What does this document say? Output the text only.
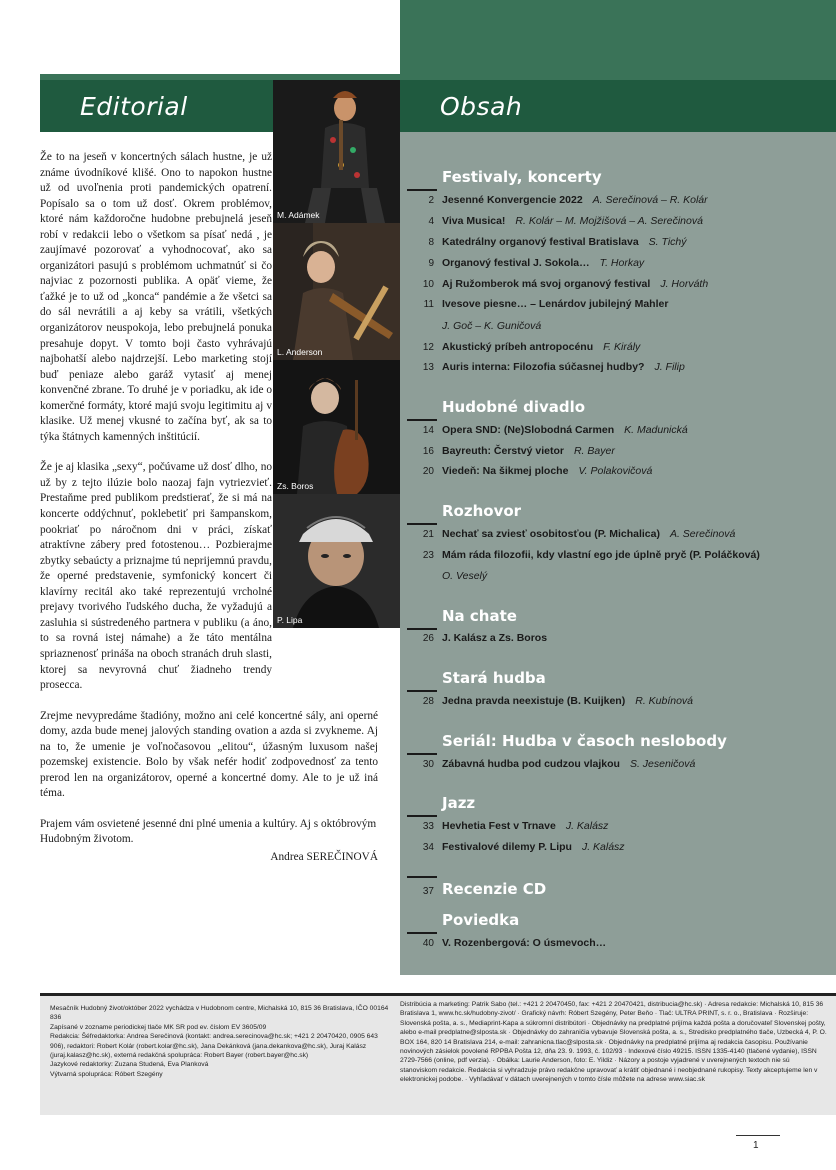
Editorial	Obsah
M. Adámek
L. Anderson
Zs. Boros
P. Lipa

Že to na jeseň v koncertných sálach hustne, je už známe úvodníkové klišé. Ono to napokon hustne už od uvoľnenia proti pandemických opatrení. Popísalo sa o tom už dosť. Okrem problémov, ktoré nám každoročne hudobne prebujnelá jeseň robí v redakcii lebo o všetkom sa písať nedá , je zaujímavé pozorovať a vyhodnocovať, ako sa organizátori pasujú s problémom uchmatnúť si čo najviac z pozornosti publika. A opäť vieme, že ťažké je to už od „konca“ pandémie a že všetci sa do sál nevrátili a aj keby sa vrátili, všetkých organizátorov neuspokoja, lebo prebujnelá ponuka presahuje dopyt. V tomto boji často vyhrávajú najbohatší alebo najdrzejší. Lebo marketing stojí buď peniaze alebo garáž vytasiť aj menej konvenčné zbrane. To druhé je v poriadku, ak ide o komerčné formáty, ktoré majú svoju legitimitu aj v klasike. Už menej vkusné to začína byť, ak sa to týka štátnych kamenných inštitúcií.

Že je aj klasika „sexy“, počúvame už dosť dlho, no už by z tejto ilúzie bolo naozaj fajn vytriezvieť. Prestaňme pred publikom predstierať, že si má na koncerte oddýchnuť, poklebetiť pri šampanskom, pookriať po náročnom dni v práci, získať atraktívne zábery pred fotostenou… Pozbierajme zbytky sebaúcty a priznajme tú neprijemnú pravdu, že operné predstavenie, symfonický koncert či klavírny recitál ako také reprezentujú vrcholné prejavy tvorivého ľudského ducha, že vyžadujú a zasluhia si sústredeného partnera v publiku (a áno, to sa rovná istej námahe) a že táto mentálna spriaznenosť prináša na oboch stranách druh slasti, ktorej sa nevyrovná chuť žiadneho trendy prosecca.

Zrejme nevypredáme štadióny, možno ani celé koncertné sály, ani operné domy, azda bude menej jalových standing ovation a azda si zvykneme. Aj na to, že umenie je voľnočasovou „elitou“, úžasným luxusom našej pozemskej existencie. Bolo by však nefér hodiť zodpovednosť za tento prerod len na organizátorov, operné a koncertné domy. Ale to je už iná téma.

Prajem vám osvietené jesenné dni plné umenia a kultúry. Aj s októbrovým Hudobným životom.

Andrea SEREČINOVÁ

Festivaly, koncerty
J. Goč – K. Guničová
Hudobné divadlo
Rozhovor
O. Veselý
Na chate
Stará hudba
Seriál: Hudba v časoch neslobody
Jazz
37 Recenzie CD
Poviedka

Mesačník Hudobný život/október 2022 vychádza v Hudobnom centre, Michalská 10, 815 36 Bratislava, IČO 00164 836

Zapísané v zozname periodickej tlače MK SR pod ev. číslom EV 3605/09

Redakcia: Šéfredaktorka: Andrea Serečinová (kontakt: andrea.serecinova@hc.sk; +421 2 20470420, 0905 643 906), redaktori: Robert Kolár (robert.kolar@hc.sk), Jana Dekánková (jana.dekankova@hc.sk), Juraj Kalász (juraj.kalasz@hc.sk), externá redakčná spolupráca: Robert Bayer (robert.bayer@hc.sk)

Jazykové redaktorky: Zuzana Studená, Eva Planková

Výtvarná spolupráca: Róbert Szegény

Distribúcia a marketing: Patrik Sabo (tel.: +421 2 20470450, fax: +421 2 20470421, distribucia@hc.sk) · Adresa redakcie: Michalská 10, 815 36 Bratislava 1, www.hc.sk/hudobny-zivot/ · Grafický návrh: Róbert Szegény, Peter Beňo · Tlač: ULTRA PRINT, s. r. o., Bratislava · Rozširuje: Slovenská pošta, a. s., Mediaprint-Kapa a súkromní distribútori · Objednávky na predplatné prijíma každá pošta a doručovateľ Slovenskej pošty, alebo e-mail predplatne@slposta.sk · Objednávky do zahraničia vybavuje Slovenská pošta, a. s., Stredisko predplatného tlače, Uzbecká 4, P. O. BOX 164, 820 14 Bratislava 214, e-mail: zahranicna.tlac@slposta.sk · Objednávky na predplatné prijíma aj redakcia časopisu. Používanie novinových zásielok povolené RPPBA Pošta 12, dňa 23. 9. 1993, č. 102/93 · Indexové číslo 49215. ISSN 1335-4140 (tlačené vydanie), ISSN 2729-7566 (online, pdf verzia). · Obálka: Laurie Anderson, foto: E. Yildiz · Názory a postoje vyjadrené v uverejnených textoch nie sú stanoviskom redakcie. Redakcia si vyhradzuje právo redakčne upravovať a krátiť objednané i neobjednané rukopisy. Texty akceptujeme len v elektronickej podobe. · Vyhľadávať v dátach uverejnených v tomto čísle môžete na adrese www.siac.sk

1
2 Jesenné Konvergencie 2022 A. Serečinová – R. Kolár
4 Viva Musica! R. Kolár – M. Mojžišová – A. Serečinová
8 Katedrálny organový festival Bratislava S. Tichý
9 Organový festival J. Sokola… T. Horkay
10 Aj Ružomberok má svoj organový festival J. Horváth
11 Ivesove piesne… – Lenárdov jubilejný Mahler
12 Akustický príbeh antropocénu F. Király
13 Auris interna: Filozofia súčasnej hudby? J. Filip
14 Opera SND: (Ne)Slobodná Carmen K. Madunická
16 Bayreuth: Čerstvý vietor R. Bayer
20 Viedeň: Na šikmej ploche V. Polakovičová
21 Nechať sa zviesť osobitosťou (P. Michalica) A. Serečinová
23 Mám ráda filozofii, kdy vlastní ego jde úplně pryč (P. Poláčková)
26 J. Kalász a Zs. Boros
28 Jedna pravda neexistuje (B. Kuijken) R. Kubínová
30 Zábavná hudba pod cudzou vlajkou S. Jeseničová
33 Hevhetia Fest v Trnave J. Kalász
34 Festivalové dilemy P. Lipu J. Kalász
40 V. Rozenbergová: O úsmevoch…
